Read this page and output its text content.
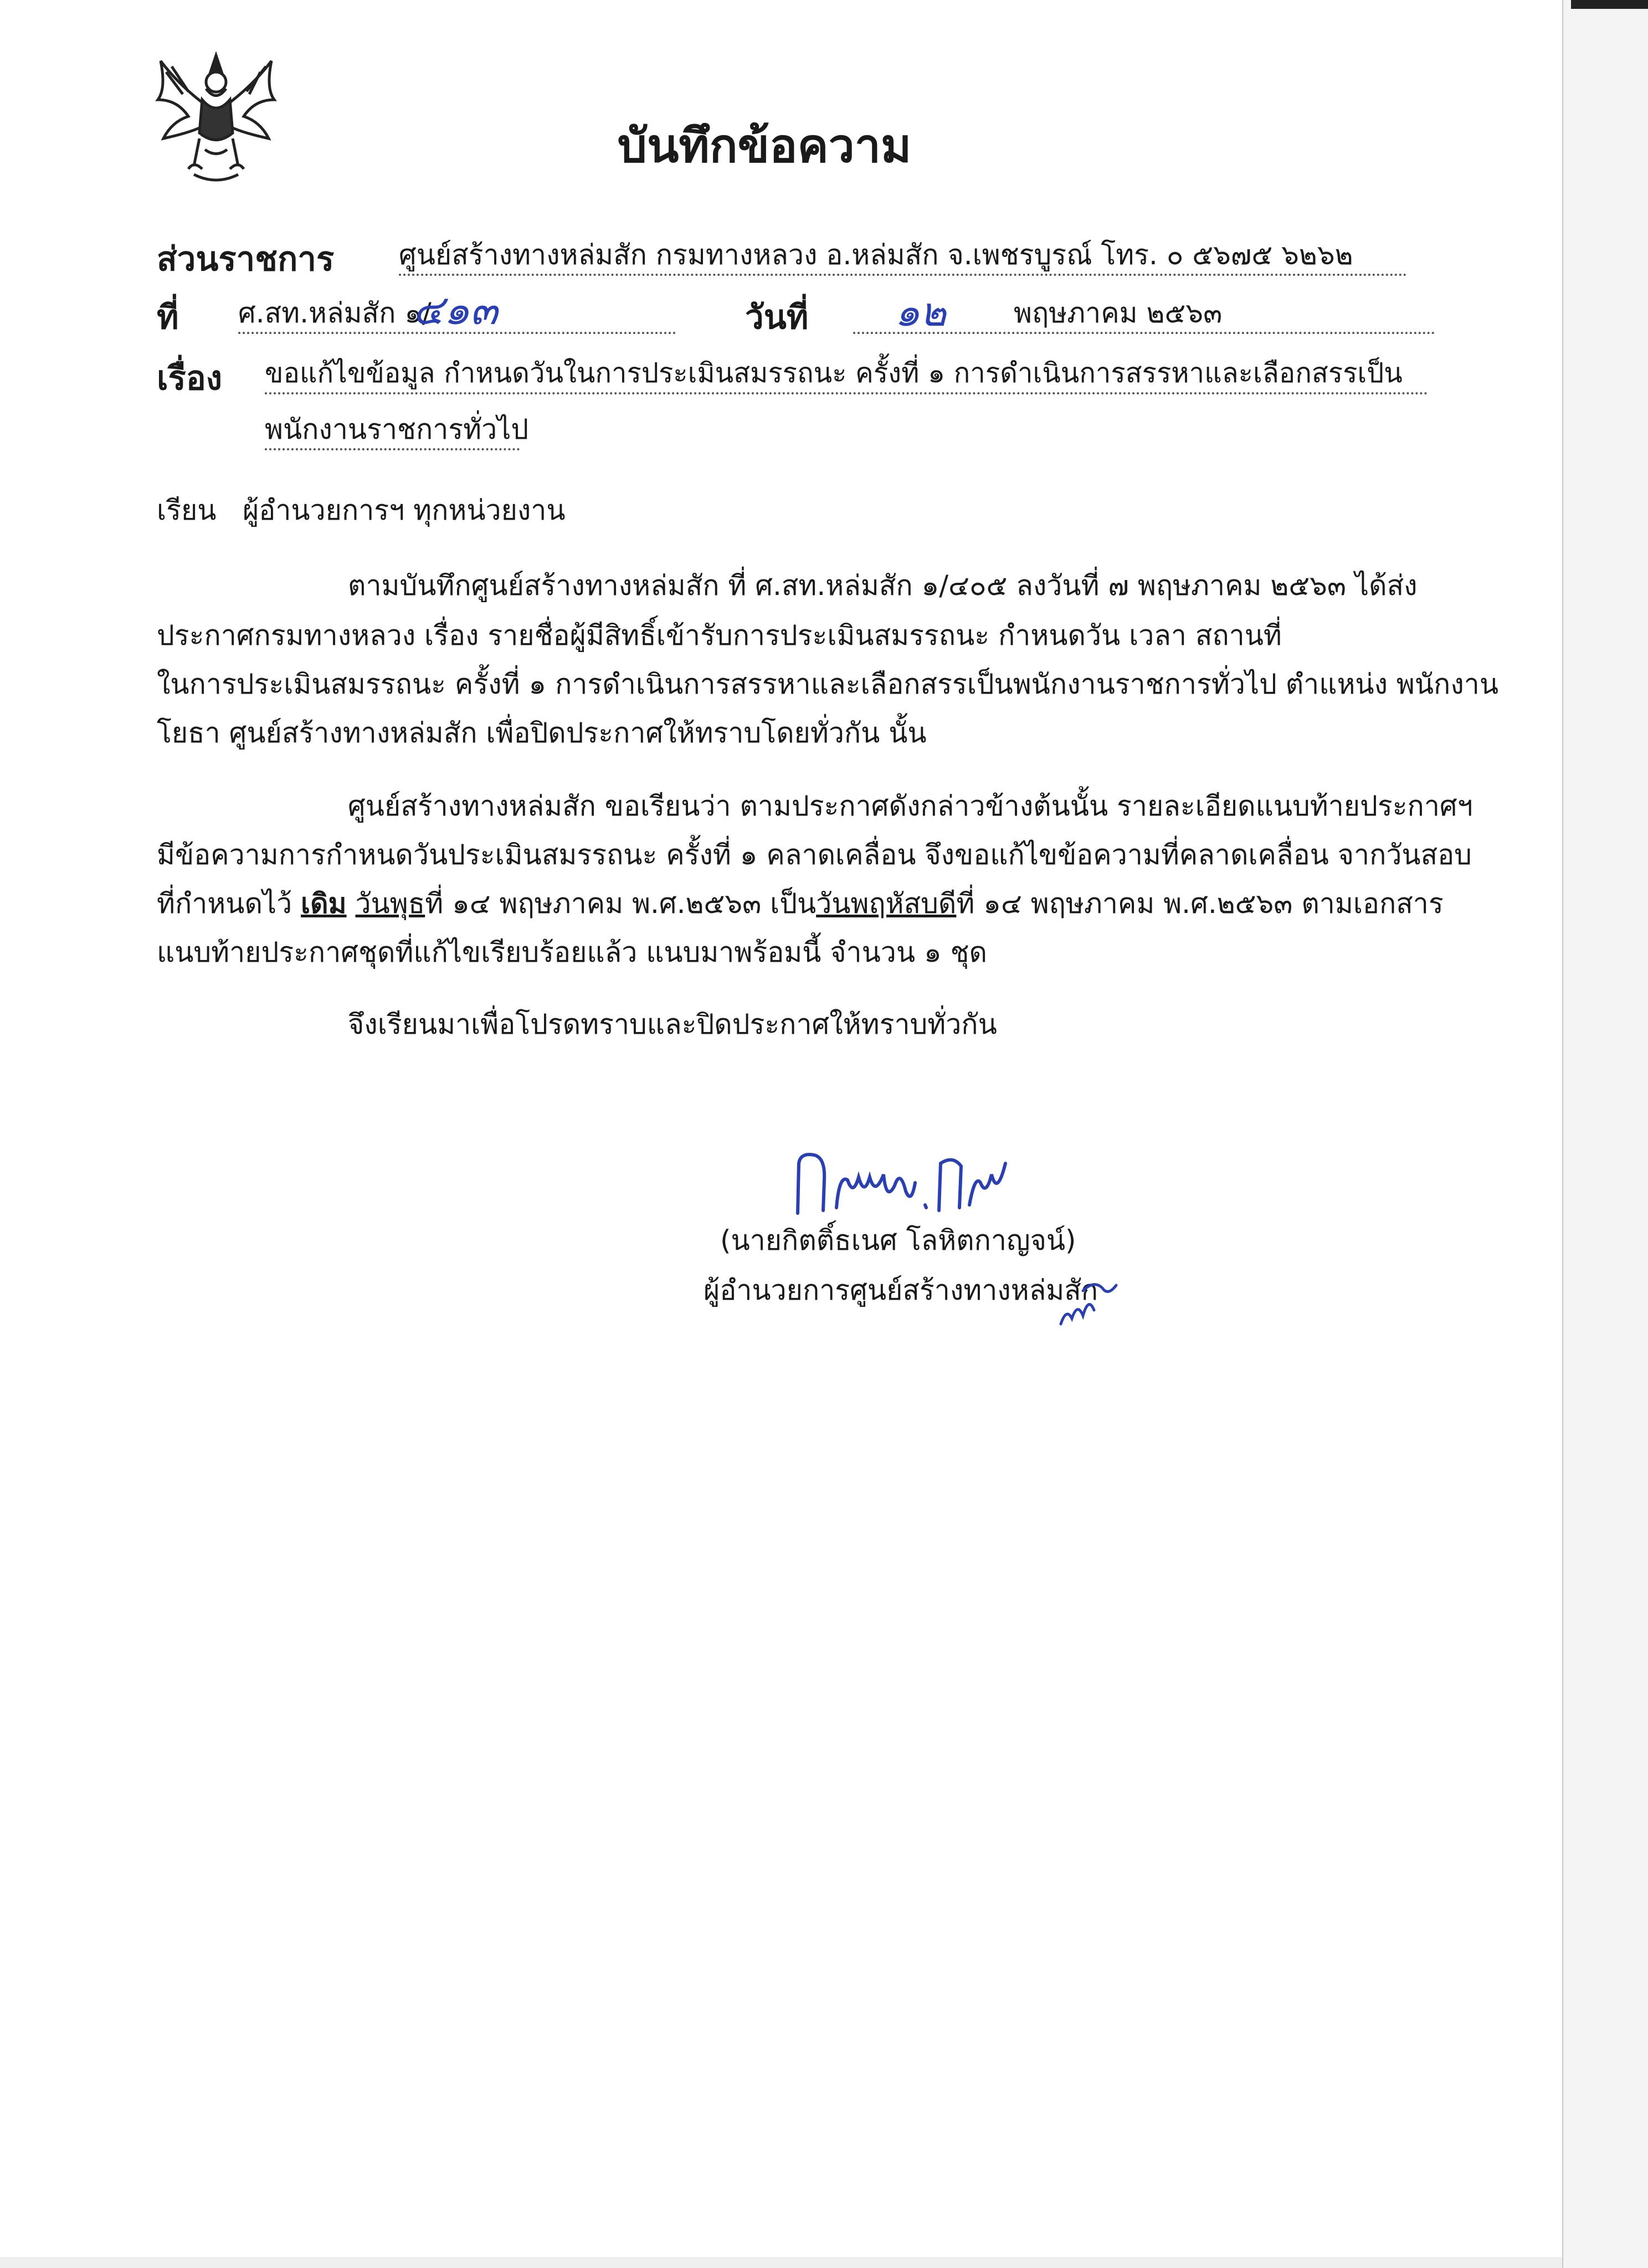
บันทึกข้อความ
ส่วนราชการ ศูนย์สร้างทางหล่มสัก กรมทางหลวง อ.หล่มสัก จ.เพชรบูรณ์ โทร. ๐ ๕๖๗๕ ๖๒๖๒
ที่ ศ.สท.หล่มสัก ๑/
๔๑๓	วันที่	พฤษภาคม ๒๕๖๓
๑๒
เรื่อง ขอแก้ไขข้อมูล กำหนดวันในการประเมินสมรรถนะ ครั้งที่ ๑ การดำเนินการสรรหาและเลือกสรรเป็น
พนักงานราชการทั่วไป
เรียน ผู้อำนวยการฯ ทุกหน่วยงาน
ตามบันทึกศูนย์สร้างทางหล่มสัก ที่ ศ.สท.หล่มสัก ๑/๔๐๕ ลงวันที่ ๗ พฤษภาคม ๒๕๖๓ ได้ส่ง
ประกาศกรมทางหลวง เรื่อง รายชื่อผู้มีสิทธิ์เข้ารับการประเมินสมรรถนะ กำหนดวัน เวลา สถานที่
ในการประเมินสมรรถนะ ครั้งที่ ๑ การดำเนินการสรรหาและเลือกสรรเป็นพนักงานราชการทั่วไป ตำแหน่ง พนักงาน
โยธา ศูนย์สร้างทางหล่มสัก เพื่อปิดประกาศให้ทราบโดยทั่วกัน นั้น
ศูนย์สร้างทางหล่มสัก ขอเรียนว่า ตามประกาศดังกล่าวข้างต้นนั้น รายละเอียดแนบท้ายประกาศฯ
มีข้อความการกำหนดวันประเมินสมรรถนะ ครั้งที่ ๑ คลาดเคลื่อน จึงขอแก้ไขข้อความที่คลาดเคลื่อน จากวันสอบ
ที่กำหนดไว้ เดิม วันพุธที่ ๑๔ พฤษภาคม พ.ศ.๒๕๖๓ เป็นวันพฤหัสบดีที่ ๑๔ พฤษภาคม พ.ศ.๒๕๖๓ ตามเอกสาร
แนบท้ายประกาศชุดที่แก้ไขเรียบร้อยแล้ว แนบมาพร้อมนี้ จำนวน ๑ ชุด
จึงเรียนมาเพื่อโปรดทราบและปิดประกาศให้ทราบทั่วกัน
(นายกิตติ์ธเนศ โลหิตกาญจน์)
ผู้อำนวยการศูนย์สร้างทางหล่มสัก
